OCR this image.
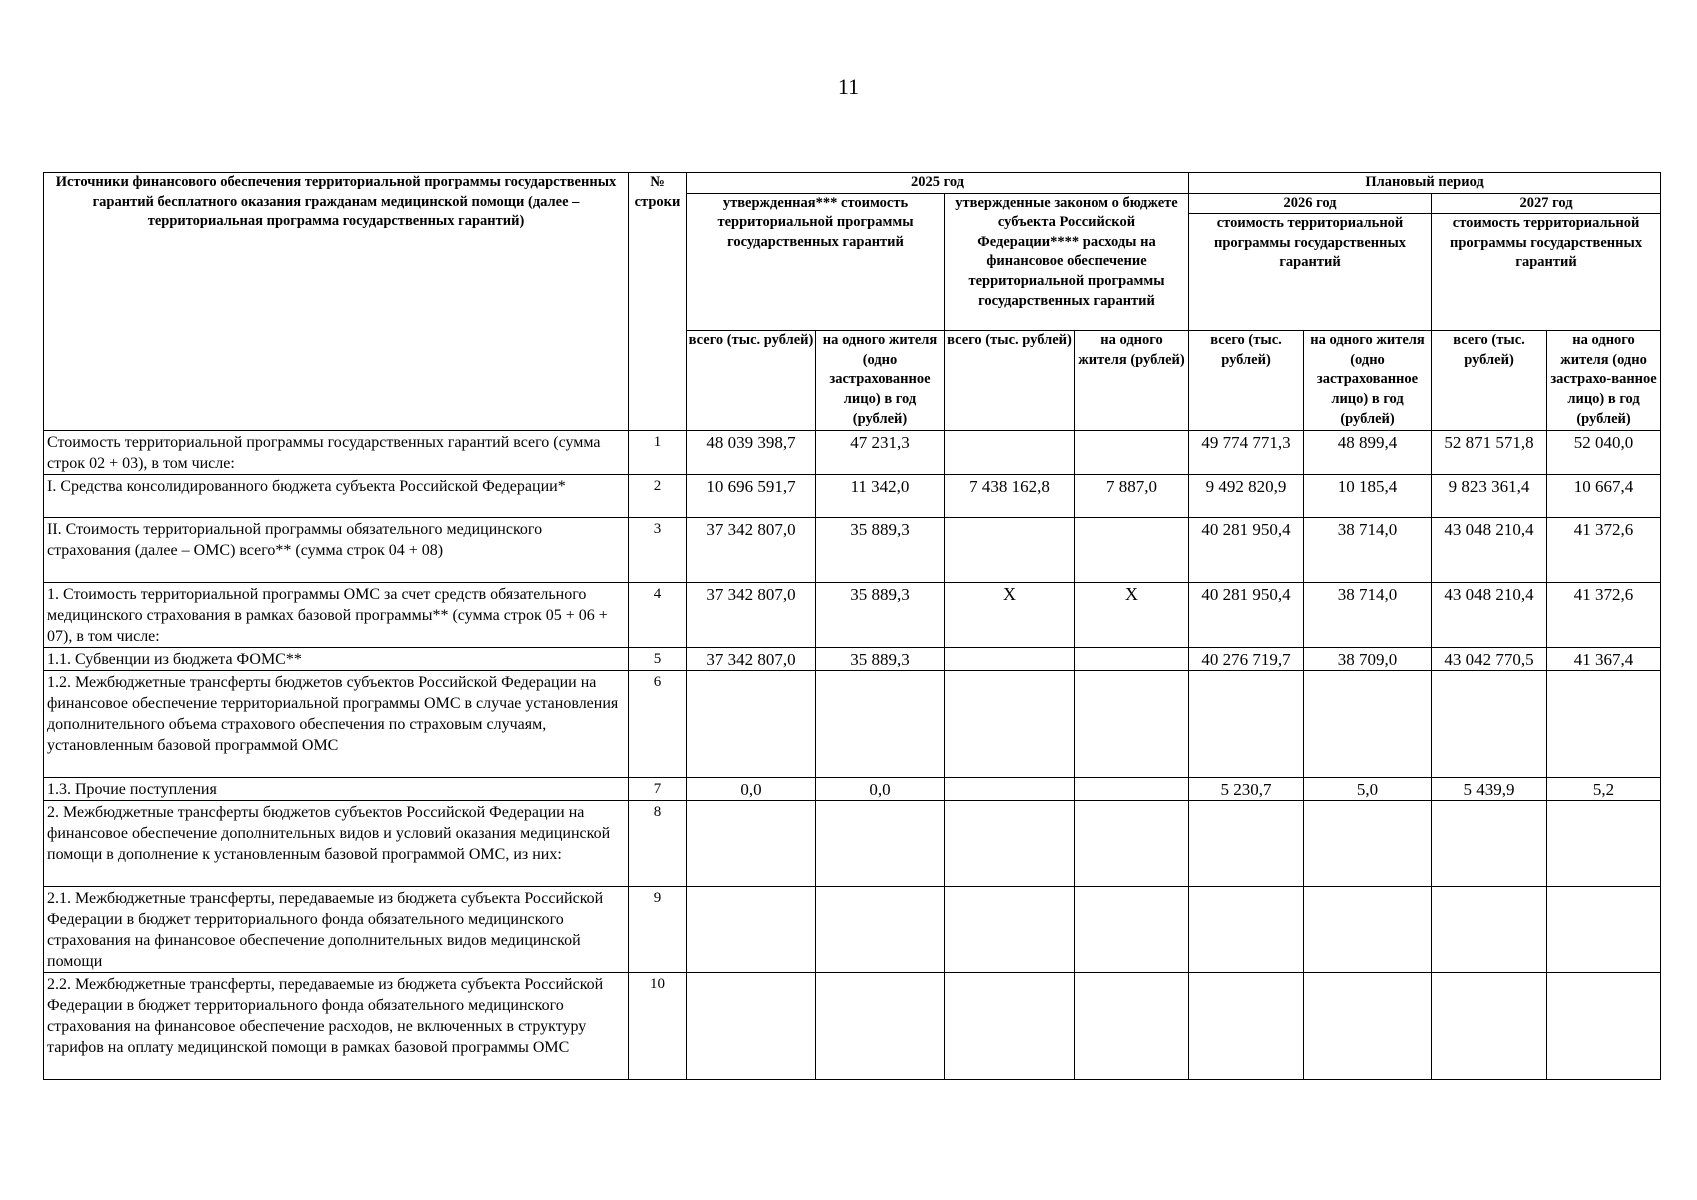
11
Источники финансового обеспечения территориальной программы государственных гарантий бесплатного оказания гражданам медицинской помощи (далее – территориальная программа государственных гарантий)	№ строки	2025 год				Плановый период			
		утвержденная*** стоимость территориальной программы государственных гарантий		утвержденные законом о бюджете субъекта Российской Федерации**** расходы на финансовое обеспечение территориальной программы государственных гарантий		2026 год		2027 год	
						стоимость территориальной программы государственных гарантий		стоимость территориальной программы государственных гарантий	
		всего (тыс. рублей)	на одного жителя (одно застрахованное лицо) в год (рублей)	всего (тыс. рублей)	на одного жителя (рублей)	всего (тыс. рублей)	на одного жителя (одно застрахованное лицо) в год (рублей)	всего (тыс. рублей)	на одного жителя (одно застрахо-ванное лицо) в год (рублей)
Стоимость территориальной программы государственных гарантий всего (сумма строк 02 + 03), в том числе:	1	48 039 398,7	47 231,3			49 774 771,3	48 899,4	52 871 571,8	52 040,0
I. Средства консолидированного бюджета субъекта Российской Федерации*	2	10 696 591,7	11 342,0	7 438 162,8	7 887,0	9 492 820,9	10 185,4	9 823 361,4	10 667,4
II. Стоимость территориальной программы обязательного медицинского страхования (далее – ОМС) всего** (сумма строк 04 + 08)	3	37 342 807,0	35 889,3			40 281 950,4	38 714,0	43 048 210,4	41 372,6
1. Стоимость территориальной программы ОМС за счет средств обязательного медицинского страхования в рамках базовой программы** (сумма строк 05 + 06 + 07), в том числе:	4	37 342 807,0	35 889,3	X	X	40 281 950,4	38 714,0	43 048 210,4	41 372,6
1.1. Субвенции из бюджета ФОМС**	5	37 342 807,0	35 889,3			40 276 719,7	38 709,0	43 042 770,5	41 367,4
1.2. Межбюджетные трансферты бюджетов субъектов Российской Федерации на финансовое обеспечение территориальной программы ОМС в случае установления дополнительного объема страхового обеспечения по страховым случаям, установленным базовой программой ОМС	6								
1.3. Прочие поступления	7	0,0	0,0			5 230,7	5,0	5 439,9	5,2
2. Межбюджетные трансферты бюджетов субъектов Российской Федерации на финансовое обеспечение дополнительных видов и условий оказания медицинской помощи в дополнение к установленным базовой программой ОМС, из них:	8								
2.1. Межбюджетные трансферты, передаваемые из бюджета субъекта Российской Федерации в бюджет территориального фонда обязательного медицинского страхования на финансовое обеспечение дополнительных видов медицинской помощи	9								
2.2. Межбюджетные трансферты, передаваемые из бюджета субъекта Российской Федерации в бюджет территориального фонда обязательного медицинского страхования на финансовое обеспечение расходов, не включенных в структуру тарифов на оплату медицинской помощи в рамках базовой программы ОМС	10								
